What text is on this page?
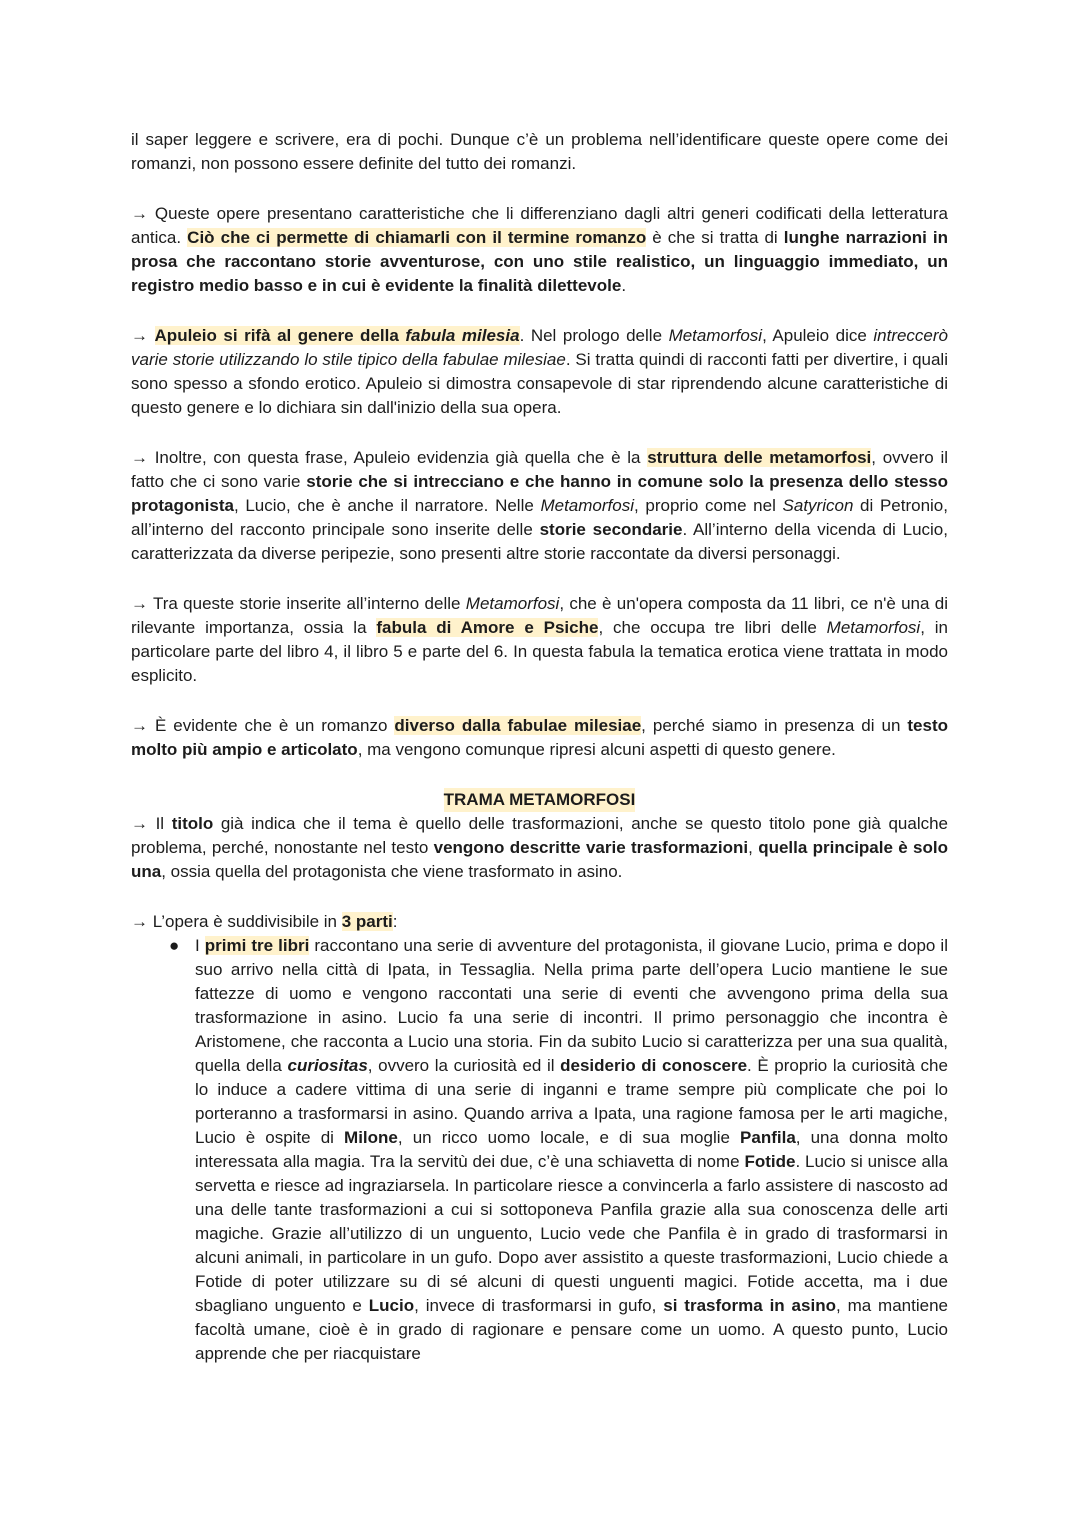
il saper leggere e scrivere, era di pochi. Dunque c’è un problema nell’identificare queste opere come dei romanzi, non possono essere definite del tutto dei romanzi.

→ Queste opere presentano caratteristiche che li differenziano dagli altri generi codificati della letteratura antica. Ciò che ci permette di chiamarli con il termine romanzo è che si tratta di lunghe narrazioni in prosa che raccontano storie avventurose, con uno stile realistico, un linguaggio immediato, un registro medio basso e in cui è evidente la finalità dilettevole.

→ Apuleio si rifà al genere della fabula milesia. Nel prologo delle Metamorfosi, Apuleio dice intreccerò varie storie utilizzando lo stile tipico della fabulae milesiae. Si tratta quindi di racconti fatti per divertire, i quali sono spesso a sfondo erotico. Apuleio si dimostra consapevole di star riprendendo alcune caratteristiche di questo genere e lo dichiara sin dall'inizio della sua opera.

→ Inoltre, con questa frase, Apuleio evidenzia già quella che è la struttura delle metamorfosi, ovvero il fatto che ci sono varie storie che si intrecciano e che hanno in comune solo la presenza dello stesso protagonista, Lucio, che è anche il narratore. Nelle Metamorfosi, proprio come nel Satyricon di Petronio, all’interno del racconto principale sono inserite delle storie secondarie. All’interno della vicenda di Lucio, caratterizzata da diverse peripezie, sono presenti altre storie raccontate da diversi personaggi.

→ Tra queste storie inserite all’interno delle Metamorfosi, che è un'opera composta da 11 libri, ce n'è una di rilevante importanza, ossia la fabula di Amore e Psiche, che occupa tre libri delle Metamorfosi, in particolare parte del libro 4, il libro 5 e parte del 6. In questa fabula la tematica erotica viene trattata in modo esplicito.

→ È evidente che è un romanzo diverso dalla fabulae milesiae, perché siamo in presenza di un testo molto più ampio e articolato, ma vengono comunque ripresi alcuni aspetti di questo genere.

TRAMA METAMORFOSI

→ Il titolo già indica che il tema è quello delle trasformazioni, anche se questo titolo pone già qualche problema, perché, nonostante nel testo vengono descritte varie trasformazioni, quella principale è solo una, ossia quella del protagonista che viene trasformato in asino.

→ L’opera è suddivisibile in 3 parti:

● I primi tre libri raccontano una serie di avventure del protagonista, il giovane Lucio, prima e dopo il suo arrivo nella città di Ipata, in Tessaglia. Nella prima parte dell’opera Lucio mantiene le sue fattezze di uomo e vengono raccontati una serie di eventi che avvengono prima della sua trasformazione in asino. Lucio fa una serie di incontri. Il primo personaggio che incontra è Aristomene, che racconta a Lucio una storia. Fin da subito Lucio si caratterizza per una sua qualità, quella della curiositas, ovvero la curiosità ed il desiderio di conoscere. È proprio la curiosità che lo induce a cadere vittima di una serie di inganni e trame sempre più complicate che poi lo porteranno a trasformarsi in asino. Quando arriva a Ipata, una ragione famosa per le arti magiche, Lucio è ospite di Milone, un ricco uomo locale, e di sua moglie Panfila, una donna molto interessata alla magia. Tra la servitù dei due, c’è una schiavetta di nome Fotide. Lucio si unisce alla servetta e riesce ad ingraziarsela. In particolare riesce a convincerla a farlo assistere di nascosto ad una delle tante trasformazioni a cui si sottoponeva Panfila grazie alla sua conoscenza delle arti magiche. Grazie all’utilizzo di un unguento, Lucio vede che Panfila è in grado di trasformarsi in alcuni animali, in particolare in un gufo. Dopo aver assistito a queste trasformazioni, Lucio chiede a Fotide di poter utilizzare su di sé alcuni di questi unguenti magici. Fotide accetta, ma i due sbagliano unguento e Lucio, invece di trasformarsi in gufo, si trasforma in asino, ma mantiene facoltà umane, cioè è in grado di ragionare e pensare come un uomo. A questo punto, Lucio apprende che per riacquistare
